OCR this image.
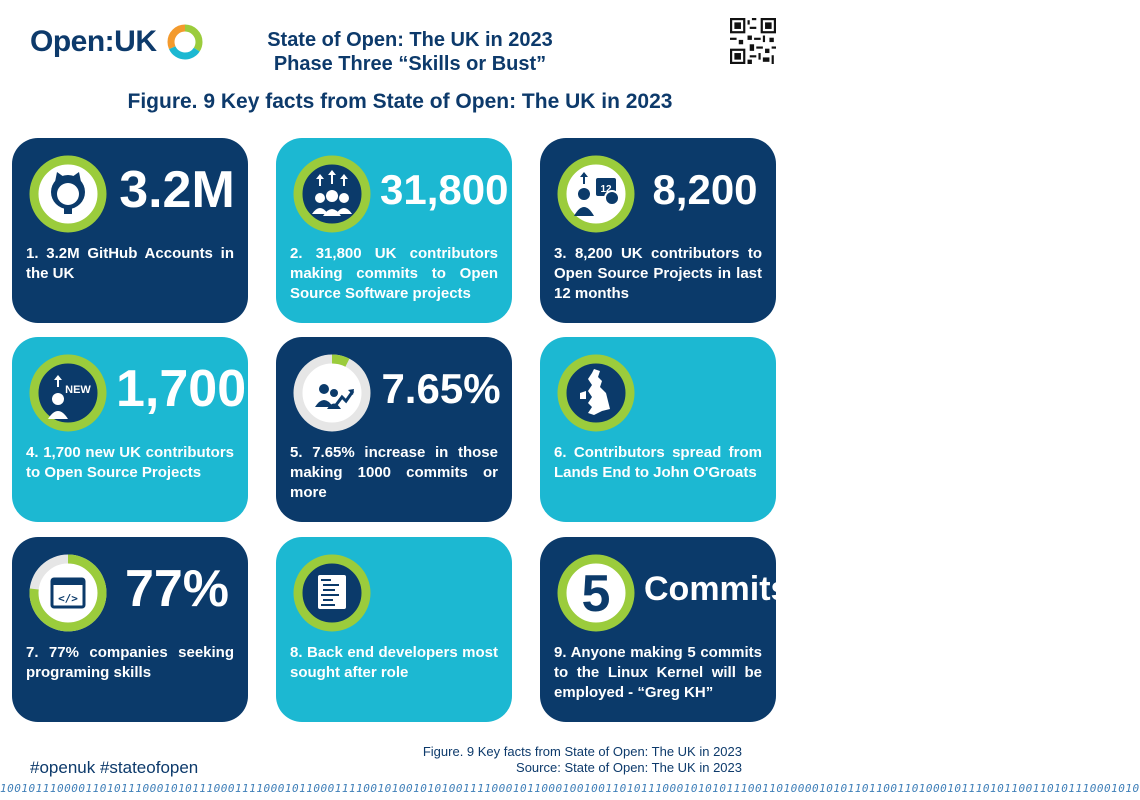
Open:UK	State of Open: The UK in 2023
Phase Three “Skills or Bust”
Figure. 9 Key facts from State of Open: The UK in 2023
3.2M
1. 3.2M GitHub Accounts in the UK
31,800
2. 31,800 UK contributors making commits to Open Source Software projects
12 8,200
3. 8,200 UK contributors to Open Source Projects in last 12 months
NEW 1,700
4. 1,700 new UK contributors to Open Source Projects
7.65%
5. 7.65% increase in those making 1000 commits or more
6. Contributors spread from Lands End to John O'Groats
</> 77%
7. 77% companies seeking programing skills
8. Back end developers most sought after role
5 Commits
9. Anyone making 5 commits to the Linux Kernel will be employed - “Greg KH”
#openuk #stateofopen
Figure. 9 Key facts from State of Open: The UK in 2023
Source: State of Open: The UK in 2023
1001011100001101011100010101110001111000101100011110010100101010011110001011000100100110101110001010101110011010000101011011001101000101110101100110101110001010
